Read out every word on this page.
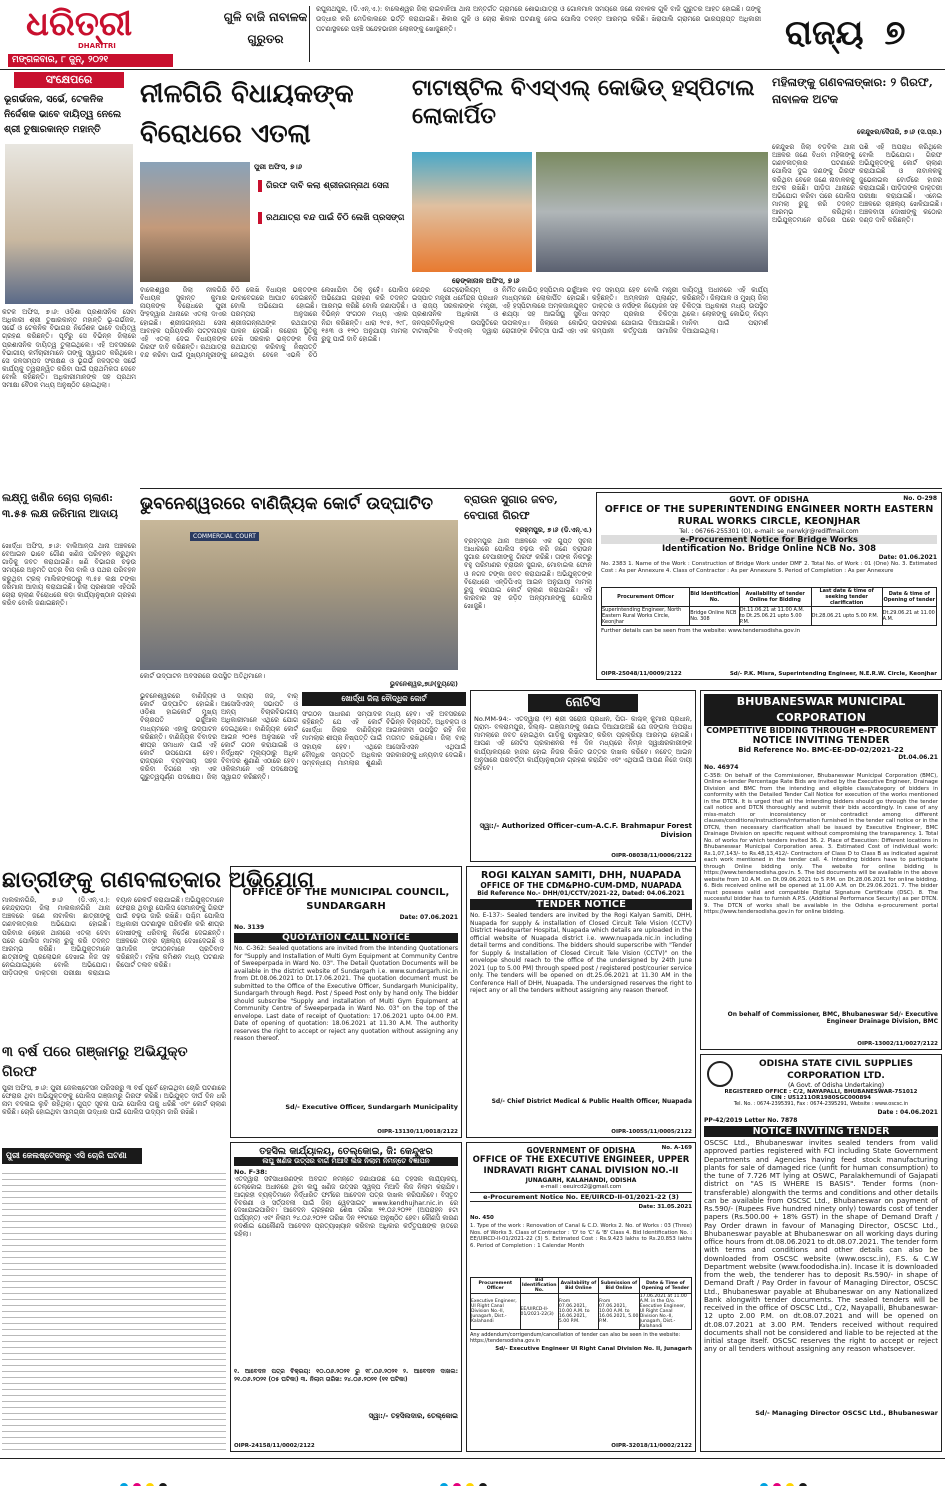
ଧରିତ୍ରୀ
DHARITRI
ମଙ୍ଗଳବାର, ୮ ଜୁନ୍, ୨୦୨୧
ଗୁଳି ବାଜି ନାବାଳକ ଗୁରୁତର
ରଘୁନାଥପୁର, (ଡି.ଏନ୍.ଏ.): ବାଲେଶ୍ୱର ଜିଲା ରାଇବାନିଆ ଥାନା ଅନ୍ତର୍ଗତ ଗ୍ରାମରେ ଶୋଭାଯାତ୍ରା ଓ ଗୋଳମାଳ ସମୟରେ ଜଣେ ନାବାଳକ ଗୁଳି ବାଜି ଗୁରୁତର ଆହତ ହୋଇଛି। ତାଙ୍କୁ ଉଦ୍ଧାର କରି ମେଡିକାଲରେ ଭର୍ତ୍ତି କରାଯାଇଛି। ଶିକାର ଗୁଳି ଓ ଚୋରା ଶିକାର ଘଟଣାକୁ ନେଇ ପୋଲିସ ତଦନ୍ତ ଆରମ୍ଭ କରିଛି। ଖିରାପାଲି ଗ୍ରାମରେ ଭାରପ୍ରାପ୍ତ ଅଧିକାରୀ ଘଟଣାସ୍ଥଳରେ ପହଞ୍ଚି ସନ୍ଦେହଭାଜନ ଲୋକଙ୍କୁ ଖୋଜୁଛନ୍ତି।	ରାଜ୍ୟ ୭
ସଂକ୍ଷେପରେ
ଭୂଗର୍ଭଜଳ, ସର୍ଭେ, ଟେକନିକ ନିର୍ଦ୍ଦେଶକ ଭାବେ ଦାୟିତ୍ୱ ନେଲେ ଶ୍ରୀ ତୁଷାରକାନ୍ତ ମହାନ୍ତି
କଟକ ଅଫିସ, ୭।୬: ଓଡ଼ିଶା ପ୍ରଶାସନିକ ସେବା ଅଧିକାରୀ ଶ୍ରୀ ତୁଷାରକାନ୍ତ ମହାନ୍ତି ଭୂ-ଗର୍ଭଜଳ, ସର୍ଭେ ଓ ଟେକନିକ ବିଭାଗର ନିର୍ଦ୍ଦେଶକ ଭାବେ ଦାୟିତ୍ୱ ଗ୍ରହଣ କରିଛନ୍ତି। ପୂର୍ବରୁ ସେ ବିଭିନ୍ନ ଜିଲାରେ ପ୍ରଶାସନିକ ଦାୟିତ୍ୱ ତୁଲାଇଥିଲେ। ଏହି ଅବସରରେ ବିଭାଗୀୟ କର୍ମଚାରୀମାନେ ତାଙ୍କୁ ସ୍ୱାଗତ କରିଥିଲେ। ସେ ଜଳସମ୍ପଦ ସଂରକ୍ଷଣ ଓ ଭୂଗର୍ଭ ଜଳସ୍ତର ସର୍ଭେ କାର୍ଯ୍ୟକୁ ତ୍ୱରାନ୍ୱିତ କରିବା ପାଇଁ ପ୍ରାଥମିକତା ଦେବେ ବୋଲି କହିଛନ୍ତି। ଅଧିକାରୀମାନଙ୍କ ସହ ପ୍ରଥମ ସମୀକ୍ଷା ବୈଠକ ମଧ୍ୟ ଅନୁଷ୍ଠିତ ହୋଇଥିଲା।
ଲକ୍ଷ୍ମୁ ଖଣିଜ ଚୋରା ଚାଲାଣ: ୩.୫୫ ଲକ୍ଷ ଜରିମାନା ଆଦାୟ
ଖୋର୍ଦ୍ଧା ଅଫିସ, ୭।୬: ବାଲିଆନ୍ତା ଥାନା ଅଞ୍ଚଳରେ ବେଆଇନ ଭାବେ ଗୌଣ ଖଣିଜ ପରିବହନ କରୁଥିବା ଗାଡ଼ିକୁ ଜବତ କରାଯାଇଛି। ଖଣି ବିଭାଗର ଚଢ଼ଉ ସମୟରେ ଅନୁମତି ପତ୍ର ବିନା ବାଲି ଓ ପଥର ପରିବହନ କରୁଥିବା ଟ୍ରକ୍ ମାଲିକଙ୍କଠାରୁ ୩.୫୫ ଲକ୍ଷ ଟଙ୍କା ଜରିମାନା ଆଦାୟ କରାଯାଇଛି। ଜିଲା ପ୍ରଶାସନ ଏହିପରି ଚୋରା ଚାଲାଣ ବିରୋଧରେ କଡ଼ା କାର୍ଯ୍ୟାନୁଷ୍ଠାନ ଗ୍ରହଣ କରିବ ବୋଲି ଜଣାଇଛନ୍ତି।
ନୀଳଗିରି ବିଧାୟକଙ୍କ ବିରୋଧରେ ଏତଲା
ପୁରୀ ଅଫିସ, ୭।୬
ଗିରଫ ଦାବି କଲା ଶ୍ରୀଜଗନ୍ନାଥ ସେନା
ରଥଯାତ୍ରା ବନ୍ଦ ପାଇଁ ଚିଠି ଲେଖି ପ୍ରସଙ୍ଗ
ବାଲେଶ୍ୱର ଜିଲା ନୀଳଗିରି ବିଧାୟକ ସୁକାନ୍ତ କୁମାର ନାୟକଙ୍କ ବିରୋଧରେ ପୁରୀ ସିଂହଦ୍ୱାର ଥାନାରେ ଏତଲା ଦାଏର ହୋଇଛି। ଶ୍ରୀଜଗନ୍ନାଥ ସେନା ଆବାହକ ପ୍ରିୟଦର୍ଶନ ପଟ୍ଟନାୟକ ଏହି ଏତଲା ଦେଇ ବିଧାୟକଙ୍କ ଗିରଫ ଦାବି କରିଛନ୍ତି। ରଥଯାତ୍ରା ବନ୍ଦ କରିବା ପାଇଁ ମୁଖ୍ୟମନ୍ତ୍ରୀଙ୍କୁ ଚିଠି ଲେଖି ବିଧାୟକ ଭକ୍ତଙ୍କ ଭାବାବେଗରେ ଆଘାତ ଦେଇଛନ୍ତି ବୋଲି ଅଭିଯୋଗ ହୋଇଛି। ପରମ୍ପରା ଅନୁସାରେ ଶ୍ରୀଜଗନ୍ନାଥଙ୍କ ରଥଯାତ୍ରା ପାଳନ ହେଉଛି। କରୋନା ସ୍ଥିତିକୁ ଦେଖି ସରକାର ଭକ୍ତଙ୍କ ବିନା ରଥଯାତ୍ରା କରିବାକୁ ନିଷ୍ପତ୍ତି ନେଇଥିବା ବେଳେ ଏଭଳି ଚିଠି ଲେଖାଯିବା ଠିକ୍ ନୁହେଁ। ପୋଲିସ ଅଭିଯୋଗ ଗ୍ରହଣ କରି ତଦନ୍ତ ଆରମ୍ଭ କରିଛି ବୋଲି ଜଣାପଡ଼ିଛି। ବିଭିନ୍ନ ସଂଗଠନ ମଧ୍ୟ ଏହାର ନିନ୍ଦା କରିଛନ୍ତି। ଧାରା ୨୯୫, ୨୯୮, ୧୫୩ ଓ ୧୨୦ ଅନୁଯାୟୀ ମାମଲା ରୁଜୁ ପାଇଁ ଦାବି ହୋଇଛି।
ଟାଟାଷ୍ଟିଲ ବିଏସ୍‌ଏଲ୍ କୋଭିଡ୍ ହସ୍ପିଟାଲ ଲୋକାର୍ପିତ
ଢେଙ୍କାନାଳ ଅଫିସ, ୭।୬
କେନ୍ଦ୍ର ପେଟ୍ରୋଲିୟମ୍ ଓ ଇସ୍ପାତ ମନ୍ତ୍ରୀ ଧର୍ମେନ୍ଦ୍ର ପ୍ରଧାନ ଓ ରାଜ୍ୟ ସରକାରଙ୍କ ମନ୍ତ୍ରୀ, ପ୍ରଶାସନିକ ଅଧିକାରୀ ଓ ଜନପ୍ରତିନିଧିଙ୍କ ଉପସ୍ଥିତିରେ ଟାଟାଷ୍ଟିଲ ବିଏସ୍‌ଏଲ୍ ଦ୍ୱାରା ନିର୍ମିତ କୋଭିଡ୍ ହସ୍ପିଟାଲ ଭର୍ଚ୍ଚୁଆଲ ମାଧ୍ୟମରେ ଲୋକାର୍ପିତ ହୋଇଛି। ଏହି ହସ୍ପିଟାଲରେ ଅମ୍ଳଜାନଯୁକ୍ତ ଶଯ୍ୟା ସହ ଆଇସିୟୁ ସୁବିଧା ଉପଲବ୍ଧ। ଜିଲାରେ କୋଭିଡ୍ ରୋଗୀଙ୍କ ଚିକିତ୍ସା ପାଇଁ ଏହା ଏକ ବଡ଼ ସହାୟତା ହେବ ବୋଲି ମନ୍ତ୍ରୀ କହିଛନ୍ତି। ଅମ୍ଳଜାନ ପ୍ଲାଣ୍ଟ, ଡାକ୍ତର ଓ ନର୍ସଙ୍କ ନିୟୋଜନ ସହ ସମସ୍ତ ପ୍ରକାର ଚିକିତ୍ସା ଉପକରଣ ଯୋଗାଇ ଦିଆଯାଇଛି। କମ୍ପାନୀ କର୍ତ୍ତୃପକ୍ଷ ସାମାଜିକ ଦାୟିତ୍ୱ ଅଧୀନରେ ଏହି କାର୍ଯ୍ୟ କରିଛନ୍ତି। ଜିଲାପାଳ ଓ ମୁଖ୍ୟ ଜିଲା ଚିକିତ୍ସା ଅଧିକାରୀ ମଧ୍ୟ ଉପସ୍ଥିତ ଥିଲେ। ଲୋକଙ୍କୁ କୋଭିଡ୍ ନିୟମ ମାନିବା ପାଇଁ ପରାମର୍ଶ ଦିଆଯାଇଥିଲା।
ମହିଳାଙ୍କୁ ଗଣବଳାତ୍କାର: ୨ ଗିରଫ, ନାବାଳକ ଅଟକ
କେନ୍ଦୁଝର/ଦୈତାରି, ୭।୬ (ସ.ପ୍ର.)
କେନ୍ଦୁଝର ଜିଲା ବଡ଼ବିଲ ଥାନା ଅଞ୍ଚଳର ଜଣେ ବିଧବା ମହିଳାଙ୍କୁ ଗଣବଳାତ୍କାର ଘଟଣାରେ ପୋଲିସ ଦୁଇ ଜଣଙ୍କୁ ଗିରଫ କରିଥିବା ବେଳେ ଜଣେ ନାବାଳକକୁ ଅଟକ ରଖିଛି। ପୀଡ଼ିତା ଥାନାରେ ଅଭିଯୋଗ କରିବା ପରେ ପୋଲିସ ମାମଲା ରୁଜୁ କରି ତଦନ୍ତ ଆରମ୍ଭ କରିଥିଲା। ଅଭିଯୁକ୍ତମାନେ ରାତିରେ ଘରେ ପଶି ଏହି ଅପରାଧ କରିଥିଲେ ବୋଲି ଅଭିଯୋଗ। ଗିରଫ ଅଭିଯୁକ୍ତଙ୍କୁ କୋର୍ଟ ଚାଲାଣ କରାଯାଇଛି ଓ ନାବାଳକକୁ ଜୁଭେନାଇଲ ବୋର୍ଡରେ ହାଜର କରାଯାଇଛି। ପୀଡ଼ିତାଙ୍କ ଡାକ୍ତରୀ ପରୀକ୍ଷା କରାଯାଇଛି। ଏନେଇ ଅଞ୍ଚଳରେ ଚାଞ୍ଚଲ୍ୟ ଖେଳିଯାଇଛି। ଅଞ୍ଚଳବାସୀ ଦୋଷୀଙ୍କୁ କଠୋର ଦଣ୍ଡ ଦାବି କରିଛନ୍ତି।
ଭୁବନେଶ୍ୱରରେ ବାଣିଜ୍ୟିକ କୋର୍ଟ ଉଦ୍‌ଘାଟିତ
COMMERCIAL COURT
କୋର୍ଟ ଉଦ୍‌ଘାଟନ ଅବସରରେ ଉପସ୍ଥିତ ଅତିଥିମାନେ।
ଭୁବନେଶ୍ୱର,୭ା୬(ବ୍ୟୁରୋ)
ବ୍ରାଉନ ସୁଗାର ଜବତ, ବେପାରୀ ଗିରଫ
ବ୍ରହ୍ମପୁର, ୭।୬ (ଡି.ଏନ୍.ଏ.)
ବ୍ରହ୍ମପୁର ଥାନା ଅଞ୍ଚଳରେ ଏକ ଗୁପ୍ତ ସୂଚନା ଆଧାରରେ ପୋଲିସ ଚଢ଼ଉ କରି ଜଣେ ବ୍ରାଉନ ସୁଗାର ବେପାରୀଙ୍କୁ ଗିରଫ କରିଛି। ତାଙ୍କ ନିକଟରୁ ବହୁ ପରିମାଣର ବ୍ରାଉନ ସୁଗାର, ମୋବାଇଲ ଫୋନ ଓ ନଗଦ ଟଙ୍କା ଜବତ କରାଯାଇଛି। ଅଭିଯୁକ୍ତଙ୍କ ବିରୋଧରେ ଏନ୍‌ଡିପିଏସ୍ ଆଇନ ଅନୁଯାୟୀ ମାମଲା ରୁଜୁ କରାଯାଇ କୋର୍ଟ ଚାଲାଣ କରାଯାଇଛି। ଏହି କାରବାର ସହ ଜଡ଼ିତ ଅନ୍ୟମାନଙ୍କୁ ପୋଲିସ ଖୋଜୁଛି।
GOVT. OF ODISHA	No. O-298
OFFICE OF THE SUPERINTENDING ENGINEER NORTH EASTERN RURAL WORKS CIRCLE, KEONJHAR
Tel. : 06766-255301 (O), e-mail: se_nerwkjr@rediffmail.com
e-Procurement Notice for Bridge Works
Identification No. Bridge Online NCB No. 308
Date: 01.06.2021
No. 2383 1. Name of the Work : Construction of Bridge Work under DMF 2. Total No. of Work : 01 (One) No. 3. Estimated Cost : As per Annexure 4. Class of Contractor : As per Annexure 5. Period of Completion : As per Annexure
Procurement Officer	Bid Identification No.	Availability of tender Online for Bidding	Last date & time of seeking tender clarification	Date & time of Opening of tender
Superintending Engineer, North Eastern Rural Works Circle, Keonjhar	Bridge Online NCB No. 308	Dt.11.06.21 at 11.00 A.M. to Dt.25.06.21 upto 5.00 P.M.	Dt.28.06.21 upto 5.00 P.M.	Dt.29.06.21 at 11.00 A.M.
Further details can be seen from the website: www.tendersodisha.gov.in
OIPR-25048/11/0009/2122	Sd/- P.K. Misra, Superintending Engineer, N.E.R.W. Circle, Keonjhar
ଭୁବନେଶ୍ୱରରେ ବାଣିଜ୍ୟିକ କୋର୍ଟ ଉଦ୍‌ଘାଟିତ ହୋଇଛି। ଓଡ଼ିଶା ହାଇକୋର୍ଟ ମୁଖ୍ୟ ବିଚାରପତି ଭର୍ଚ୍ଚୁଆଲ ମାଧ୍ୟମରେ ଏହାକୁ ଉଦ୍‌ଘାଟନ କରିଛନ୍ତି। ବାଣିଜ୍ୟିକ ବିବାଦର ଶୀଘ୍ର ସମାଧାନ ପାଇଁ ଏହି କୋର୍ଟ ଉପଯୋଗୀ ହେବ। ରାଜ୍ୟରେ ବ୍ୟବସାୟ ସହଜ କରିବା ଦିଗରେ ଏହା ଏକ ଗୁରୁତ୍ୱପୂର୍ଣ୍ଣ ପଦକ୍ଷେପ। ଜିଲା ଓ ଦାୟରା ଜଜ୍, ବାର୍ ଆସୋସିଏସନ୍ ସଭାପତି ଓ ଅନ୍ୟ ବିଚାରବିଭାଗୀୟ ଅଧିକାରୀମାନେ ଏଥିରେ ଯୋଗ ଦେଇଥିଲେ। ବାଣିଜ୍ୟିକ କୋର୍ଟ ଆଇନ ୨୦୧୫ ଅନୁସାରେ ଏହି କୋର୍ଟ ଗଠନ କରାଯାଇଛି ଓ ନିର୍ଦ୍ଧିଷ୍ଟ ମୂଲ୍ୟଠାରୁ ଅଧିକ ବିବାଦର ଶୁଣାଣି ଏଠାରେ ହେବ। ଓକିଲମାନେ ଏହି ପଦକ୍ଷେପକୁ ସ୍ୱାଗତ କରିଛନ୍ତି।
ଖୋର୍ଦ୍ଧା ଜିଲା ବୌଦ୍ଧିକ କୋର୍ଟ
ସଂଗଠନ ସାଧାରଣ ସମ୍ପାଦକ କହିଛନ୍ତି ଯେ ଏହି କୋର୍ଟ ଖୋର୍ଦ୍ଧା ଜିଲାର ବାଣିଜ୍ୟିକ ମାମଲାର ଶୀଘ୍ର ନିଷ୍ପତ୍ତି ପାଇଁ ସହାୟକ ହେବ। ଏଥିରେ ବୌଦ୍ଧିକ ସମ୍ପତ୍ତି ଅଧିକାର ସମ୍ବନ୍ଧୀୟ ମାମଲାର ଶୁଣାଣି ମଧ୍ୟ ହେବ। ଏହି ଅବସରରେ ବିଭିନ୍ନ ବିଚାରପତି, ଅଧିବକ୍ତା ଓ ଆଇନଜୀବୀ ଉପସ୍ଥିତ ରହି ନିଜ ମତାମତ ରଖିଥିଲେ। ଜିଲା ବାର୍ ଆସୋସିଏସନ ଏଥିପାଇଁ ସରକାରଙ୍କୁ ଧନ୍ୟବାଦ ଦେଇଛି।
ନୋଟିସ
No.MM-94:- ଏତଦ୍ୱାରା (୧) ଶ୍ରୀ ସରୋଜ ପ୍ରଧାନ, ପିତା- କାଶ୍ଚଳ୍ କୁମାର ପ୍ରଧାନ, ଗ୍ରାମ- ବଳରାମପୁର, ଜିଲ୍ଲା- ଗଞ୍ଜାମଙ୍କୁ ଜଣାଇ ଦିଆଯାଉଅଛି ଯେ ଜଙ୍ଗଲ ଅପରାଧ ମାମଲାରେ ଜବତ ହୋଇଥିବା ଗାଡ଼ିକୁ ରାଷ୍ଟ୍ରସାତ୍ କରିବା ପ୍ରକ୍ରିୟା ଆରମ୍ଭ ହୋଇଛି। ଆପଣ ଏହି ନୋଟିସ ପ୍ରକାଶନର ୧୫ ଦିନ ମଧ୍ୟରେ ନିମ୍ନ ସ୍ୱାକ୍ଷରକାରୀଙ୍କ କାର୍ଯ୍ୟାଳୟରେ ହାଜର ହୋଇ ନିଜର ଲିଖିତ ଉତ୍ତର ଦାଖଲ କରିବେ। ନଚେତ୍ ଆଇନ ଅନୁସାରେ ପରବର୍ତ୍ତୀ କାର୍ଯ୍ୟାନୁଷ୍ଠାନ ଗ୍ରହଣ କରାଯିବ ଏବଂ ଏଥିପାଇଁ ଆପଣ ନିଜେ ଦାୟୀ ରହିବେ।
ସ୍ୱା:/- Authorized Officer-cum-A.C.F. Brahmapur Forest Division
OIPR-08038/11/0006/2122
BHUBANESWAR MUNICIPAL CORPORATION
COMPETITIVE BIDDING THROUGH e-PROCUREMENT
NOTICE INVITING TENDER
Bid Reference No. BMC-EE-DD-02/2021-22
No. 46974
Dt.04.06.21
C-358: On behalf of the Commissioner, Bhubaneswar Municipal Corporation (BMC), Online e-tender Percentage Rate Bids are invited by the Executive Engineer, Drainage Division and BMC from the intending and eligible class/category of bidders in conformity with the Detailed Tender Call Notice for execution of the works mentioned in the DTCN. It is urged that all the intending bidders should go through the tender call notice and DTCN thoroughly and submit their bids accordingly. In case of any miss-match or inconsistency or contradict among different clauses/conditions/instructions/information furnished in the tender call notice or in the DTCN, then necessary clarification shall be issued by Executive Engineer, BMC Drainage Division on specific request without compromising the transparency. 1. Total No. of works for which tenders invited 36. 2. Place of Execution: Different locations in Bhubaneswar Municipal Corporation area. 3. Estimated Cost of individual work: Rs.1,07,143/- to Rs.48,13,412/- Contractors of Class D to Class B as indicated against each work mentioned in the tender call. 4. Intending bidders have to participate through Online bidding only. The website for online bidding is https://www.tendersodisha.gov.in. 5. The bid documents will be available in the above website from 10 A.M. on Dt.09.06.2021 to 5 P.M. on Dt.28.06.2021 for online bidding. 6. Bids received online will be opened at 11.00 A.M. on Dt.29.06.2021. 7. The bidder must possess valid and compatible Digital Signature Certificate (DSC). 8. The successful bidder has to furnish A.P.S. (Additional Performance Security) as per DTCN. 9. The DTCN of works shall be available in the Odisha e-procurement portal https://www.tendersodisha.gov.in for online bidding.
On behalf of Commissioner, BMC, Bhubaneswar Sd/- Executive Engineer Drainage Division, BMC
OIPR-13002/11/0027/2122
ଛାତ୍ରୀଙ୍କୁ ଗଣବଳାତ୍କାର ଅଭିଯୋଗ
ମାଲକାନଗିରି, ୭।୬ (ଡି.ଏନ୍.ଏ.): କେନ୍ଦ୍ରାପଡ଼ା ଜିଲା ମାଲକାନଗିରି ଥାନା ଅଞ୍ଚଳରେ ଜଣେ ନାବାଳିକା ଛାତ୍ରୀଙ୍କୁ ଗଣବଳାତ୍କାର ଅଭିଯୋଗ ହୋଇଛି। ପରିବାର ଲୋକେ ଥାନାରେ ଏତଲା ଦେବା ପରେ ପୋଲିସ ମାମଲା ରୁଜୁ କରି ତଦନ୍ତ ଆରମ୍ଭ କରିଛି। ଅଭିଯୁକ୍ତମାନେ ଛାତ୍ରୀଙ୍କୁ ପ୍ରଲୋଭନ ଦେଖାଇ ନିଜ ସହ ନେଇଯାଇଥିଲେ ବୋଲି ଅଭିଯୋଗ। ପୀଡ଼ିତାଙ୍କ ଡାକ୍ତରୀ ପରୀକ୍ଷା କରାଯାଇ ବୟାନ ରେକର୍ଡ କରାଯାଇଛି। ଅଭିଯୁକ୍ତମାନେ ଫେରାର ଥିବାରୁ ପୋଲିସ ସେମାନଙ୍କୁ ଗିରଫ ପାଇଁ ଚଢ଼ଉ ଜାରି ରଖିଛି। ପଶ୍ଚିମ ପୋଲିସ ଅଧିକାରୀ ଘଟଣାସ୍ଥଳ ପରିଦର୍ଶନ କରି ଶୀଘ୍ର ଦୋଷୀଙ୍କୁ ଧରିବାକୁ ନିର୍ଦ୍ଦେଶ ଦେଇଛନ୍ତି। ଅଞ୍ଚଳରେ ତୀବ୍ର ଚାଞ୍ଚଲ୍ୟ ଦେଖାଦେଇଛି ଓ ସାମାଜିକ ସଂଗଠନମାନେ ପ୍ରତିବାଦ କରିଛନ୍ତି। ମହିଳା କମିଶନ ମଧ୍ୟ ଘଟଣାର ରିପୋର୍ଟ ତଲବ କରିଛି।
OFFICE OF THE MUNICIPAL COUNCIL, SUNDARGARH
No. 3139
Date: 07.06.2021
QUOTATION CALL NOTICE
No. C-362: Sealed quotations are invited from the Intending Quotationers for "Supply and Installation of Multi Gym Equipment at Community Centre of Sweeperpada in Ward No. 03". The Detail Quotation Documents will be available in the district website of Sundargarh i.e. www.sundargarh.nic.in from Dt.08.06.2021 to Dt.17.06.2021. The quotation document must be submitted to the Office of the Executive Officer, Sundargarh Municipality, Sundargarh through Regd. Post / Speed Post only by hand only. The bidder should subscribe "Supply and installation of Multi Gym Equipment at Community Centre of Sweeperpada in Ward No. 03" on the top of the envelope. Last date of receipt of Quotation: 17.06.2021 upto 04.00 P.M. Date of opening of quotation: 18.06.2021 at 11.30 A.M. The authority reserves the right to accept or reject any quotation without assigning any reason thereof.
Sd/- Executive Officer, Sundargarh Municipality
OIPR-13130/11/0018/2122
ROGI KALYAN SAMITI, DHH, NUAPADA
OFFICE OF THE CDM&PHO-CUM-DMD, NUAPADA
Bid Reference No.- DHH/01/CCTV/2021-22, Dated: 04.06.2021
TENDER NOTICE
No. E-137:- Sealed tenders are invited by the Rogi Kalyan Samiti, DHH, Nuapada for supply & installation of Closed Circuit Tele Vision (CCTV) District Headquarter Hospital, Nuapada which details are uploaded in the official website of Nuapada district i.e. www.nuapada.nic.in including detail terms and conditions. The bidders should superscribe with "Tender for Supply & Installation of Closed Circuit Tele Vision (CCTV)" on the envelope should reach to the office of the undersigned by 24th June 2021 (up to 5.00 PM) through speed post / registered post/courier service only. The tenders will be opened on dt.25.06.2021 at 11.30 AM in the Conference Hall of DHH, Nuapada. The undersigned reserves the right to reject any or all the tenders without assigning any reason thereof.
Sd/- Chief District Medical & Public Health Officer, Nuapada
OIPR-10055/11/0005/2122
୩ ବର୍ଷ ପରେ ଗଞ୍ଜାମରୁ ଅଭିଯୁକ୍ତ ଗିରଫ
ପୁରୀ ଅଫିସ, ୭।୬: ପୁରୀ ଜେଲଷ୍ଟେସନ ପରିସରରୁ ୩ ବର୍ଷ ପୂର୍ବେ ହୋଇଥିବା ଚୋରି ଘଟଣାରେ ଫେରାର ଥିବା ଅଭିଯୁକ୍ତଙ୍କୁ ପୋଲିସ ଗଞ୍ଜାମରୁ ଗିରଫ କରିଛି। ଅଭିଯୁକ୍ତ ଦୀର୍ଘ ଦିନ ଧରି ନାମ ବଦଳାଇ ଲୁଚି ରହିଥିଲା। ଗୁପ୍ତ ସୂଚନା ପାଇ ପୋଲିସ ତାକୁ ଧରିଛି ଏବଂ କୋର୍ଟ ଚାଲାଣ କରିଛି। ଚୋରି ହୋଇଥିବା ସାମଗ୍ରୀ ଉଦ୍ଧାର ପାଇଁ ପୋଲିସ ଉଦ୍ୟମ ଜାରି ରଖିଛି।
ପୁରୀ ଜେଲଷ୍ଟେସନରୁ ଏସି ଚୋରି ଘଟଣା	ତହସିଲ କାର୍ଯ୍ୟାଳୟ, ତେଲ୍କୋଇ, ଜି: କେନ୍ଦୁଝର
ଲଘୁ ଖଣିଜ ଉତ୍ସର ବାର୍ଗ ମିଆଦି ଲିଜ ନିଲାମ ନିମନ୍ତେ ବିଜ୍ଞାପନ
No. F-38:
ଏତଦ୍ୱାରା ସର୍ବସାଧାରଣଙ୍କ ଅବଗତି ନିମନ୍ତେ ଜଣାଯାଉଛି ଯେ ତହସିଲ କାର୍ଯ୍ୟାଳୟ, ତେଲ୍କୋଇ ଅଧୀନରେ ଥିବା ଲଘୁ ଖଣିଜ ଉତ୍ସର ସ୍ୱଳ୍ପ ମିଆଦି ଲିଜ ନିଲାମ କରାଯିବ। ଆଗ୍ରହୀ ବ୍ୟକ୍ତିମାନେ ନିର୍ଦ୍ଧାରିତ ଫର୍ମରେ ଆବେଦନ ପତ୍ର ଦାଖଲ କରିପାରିବେ। ବିସ୍ତୃତ ବିବରଣୀ ଓ ସର୍ତ୍ତାବଳୀ ପାଇଁ ଜିଲା ୱେବସାଇଟ www.kendhujhar.nic.in ରେ ଦେଖାଯାଇପାରିବ। ଆବେଦନ ଗ୍ରହଣର ଶେଷ ତାରିଖ ୨୧.୦୬.୨୦୨୧ (ଅପରାହ୍ନ ୫ଟା ପର୍ଯ୍ୟନ୍ତ) ଏବଂ ନିଲାମ ୨୪.୦୬.୨୦୨୧ ତାରିଖ ଦିନ ୧୧ଟାରେ ଅନୁଷ୍ଠିତ ହେବ। କୌଣସି କାରଣ ନଦର୍ଶାଇ ଯେକୌଣସି ଆବେଦନ ପ୍ରତ୍ୟାଖ୍ୟାନ କରିବାର ଅଧିକାର କର୍ତ୍ତୃପକ୍ଷଙ୍କ ହାତରେ ରହିଲା।
୧. ଆବେଦନ ପତ୍ର ବିକ୍ରୟ: ୧୦.୦୬.୨୦୨୧ ରୁ ୧୮.୦୬.୨୦୨୧ ୨. ଆବେଦନ ଦାଖଲ: ୨୧.୦୬.୨୦୨୧ (୦୫ ଘଟିକା) ୩. ନିଲାମ ତାରିଖ: ୨୪.୦୬.୨୦୨୧ (୧୧ ଘଟିକା)
ସ୍ୱା:/- ତହସିଲଦାର, ତେଲ୍କୋଇ
OIPR-24158/11/0002/2122
GOVERNMENT OF ODISHA	No. A-169
OFFICE OF THE EXECUTIVE ENGINEER, UPPER INDRAVATI RIGHT CANAL DIVISION NO.-II
JUNAGARH, KALAHANDI, ODISHA
e-mail : eeuircd2@gmail.com
e-Procurement Notice No. EE/UIRCD-II-01/2021-22 (3)
No. 450
Date: 31.05.2021
1. Type of the work : Renovation of Canal & C.D. Works 2. No. of Works : 03 (Three) Nos. of Works 3. Class of Contractor : 'D' to 'C' & 'B' Class 4. Bid Identification No. : EE/UIRCD-II-01/2021-22 (3) 5. Estimated Cost : Rs.9.423 lakhs to Rs.20.853 lakhs 6. Period of Completion : 1 Calendar Month
Procurement Officer	Bid Identification No.	Availability of Bid Online	Submission of Bid Online	Date & Time of Opening of Tender
Executive Engineer, UI Right Canal Division No.-II, Junagarh, Dist.-Kalahandi	EE/UIRCD-II-01/2021-22(3)	From 07.06.2021, 10.00 A.M. to 16.06.2021, 5.00 P.M.	From 07.06.2021, 10.00 A.M. to 16.06.2021, 5.00 P.M.	17.06.2021 at 11.00 A.M. in the O/o. Executive Engineer, UI Right Canal Division No.-II, Junagarh, Dist.-Kalahandi
Any addendum/corrigendum/cancellation of tender can also be seen in the website: https://tendersodisha.gov.in
Sd/- Executive Engineer UI Right Canal Division No. II, Junagarh
OIPR-32018/11/0002/2122
ODISHA STATE CIVIL SUPPLIES CORPORATION LTD.
(A Govt. of Odisha Undertaking)
REGISTERED OFFICE : C/2, NAYAPALLI, BHUBANESWAR-751012
CIN : U51211OR1980SGC000894
Tel. No. : 0674-2395391, Fax : 0674-2395291, Website : www.oscsc.in
PP-42/2019 Letter No. 7878
Date : 04.06.2021
NOTICE INVITING TENDER
OSCSC Ltd., Bhubaneswar invites sealed tenders from valid approved parties registered with FCI including State Government Departments and Agencies having feed stock manufacturing plants for sale of damaged rice (unfit for human consumption) to the tune of 7.726 MT lying at OSWC, Paralakhemundi of Gajapati district on "AS IS WHERE IS BASIS". Tender forms (non-transferable) alongwith the terms and conditions and other details can be available from OSCSC Ltd., Bhubaneswar on payment of Rs.590/- (Rupees Five hundred ninety only) towards cost of tender papers (Rs.500.00 + 18% GST) in the shape of Demand Draft / Pay Order drawn in favour of Managing Director, OSCSC Ltd., Bhubaneswar payable at Bhubaneswar on all working days during office hours from dt.08.06.2021 to dt.08.07.2021. The tender form with terms and conditions and other details can also be downloaded from OSCSC website (www.oscsc.in), F.S. & C.W Department website (www.foododisha.in). Incase it is downloaded from the web, the tenderer has to deposit Rs.590/- in shape of Demand Draft / Pay Order in favour of Managing Director, OSCSC Ltd., Bhubaneswar payable at Bhubaneswar on any Nationalized Bank alongwith tender documents. The sealed tenders will be received in the office of OSCSC Ltd., C/2, Nayapalli, Bhubaneswar-12 upto 2.00 P.M. on dt.08.07.2021 and will be opened on dt.08.07.2021 at 3.00 P.M. Tenders received without required documents shall not be considered and liable to be rejected at the initial stage itself. OSCSC reserves the right to accept or reject any or all tenders without assigning any reason whatsoever.
Sd/- Managing Director OSCSC Ltd., Bhubaneswar
